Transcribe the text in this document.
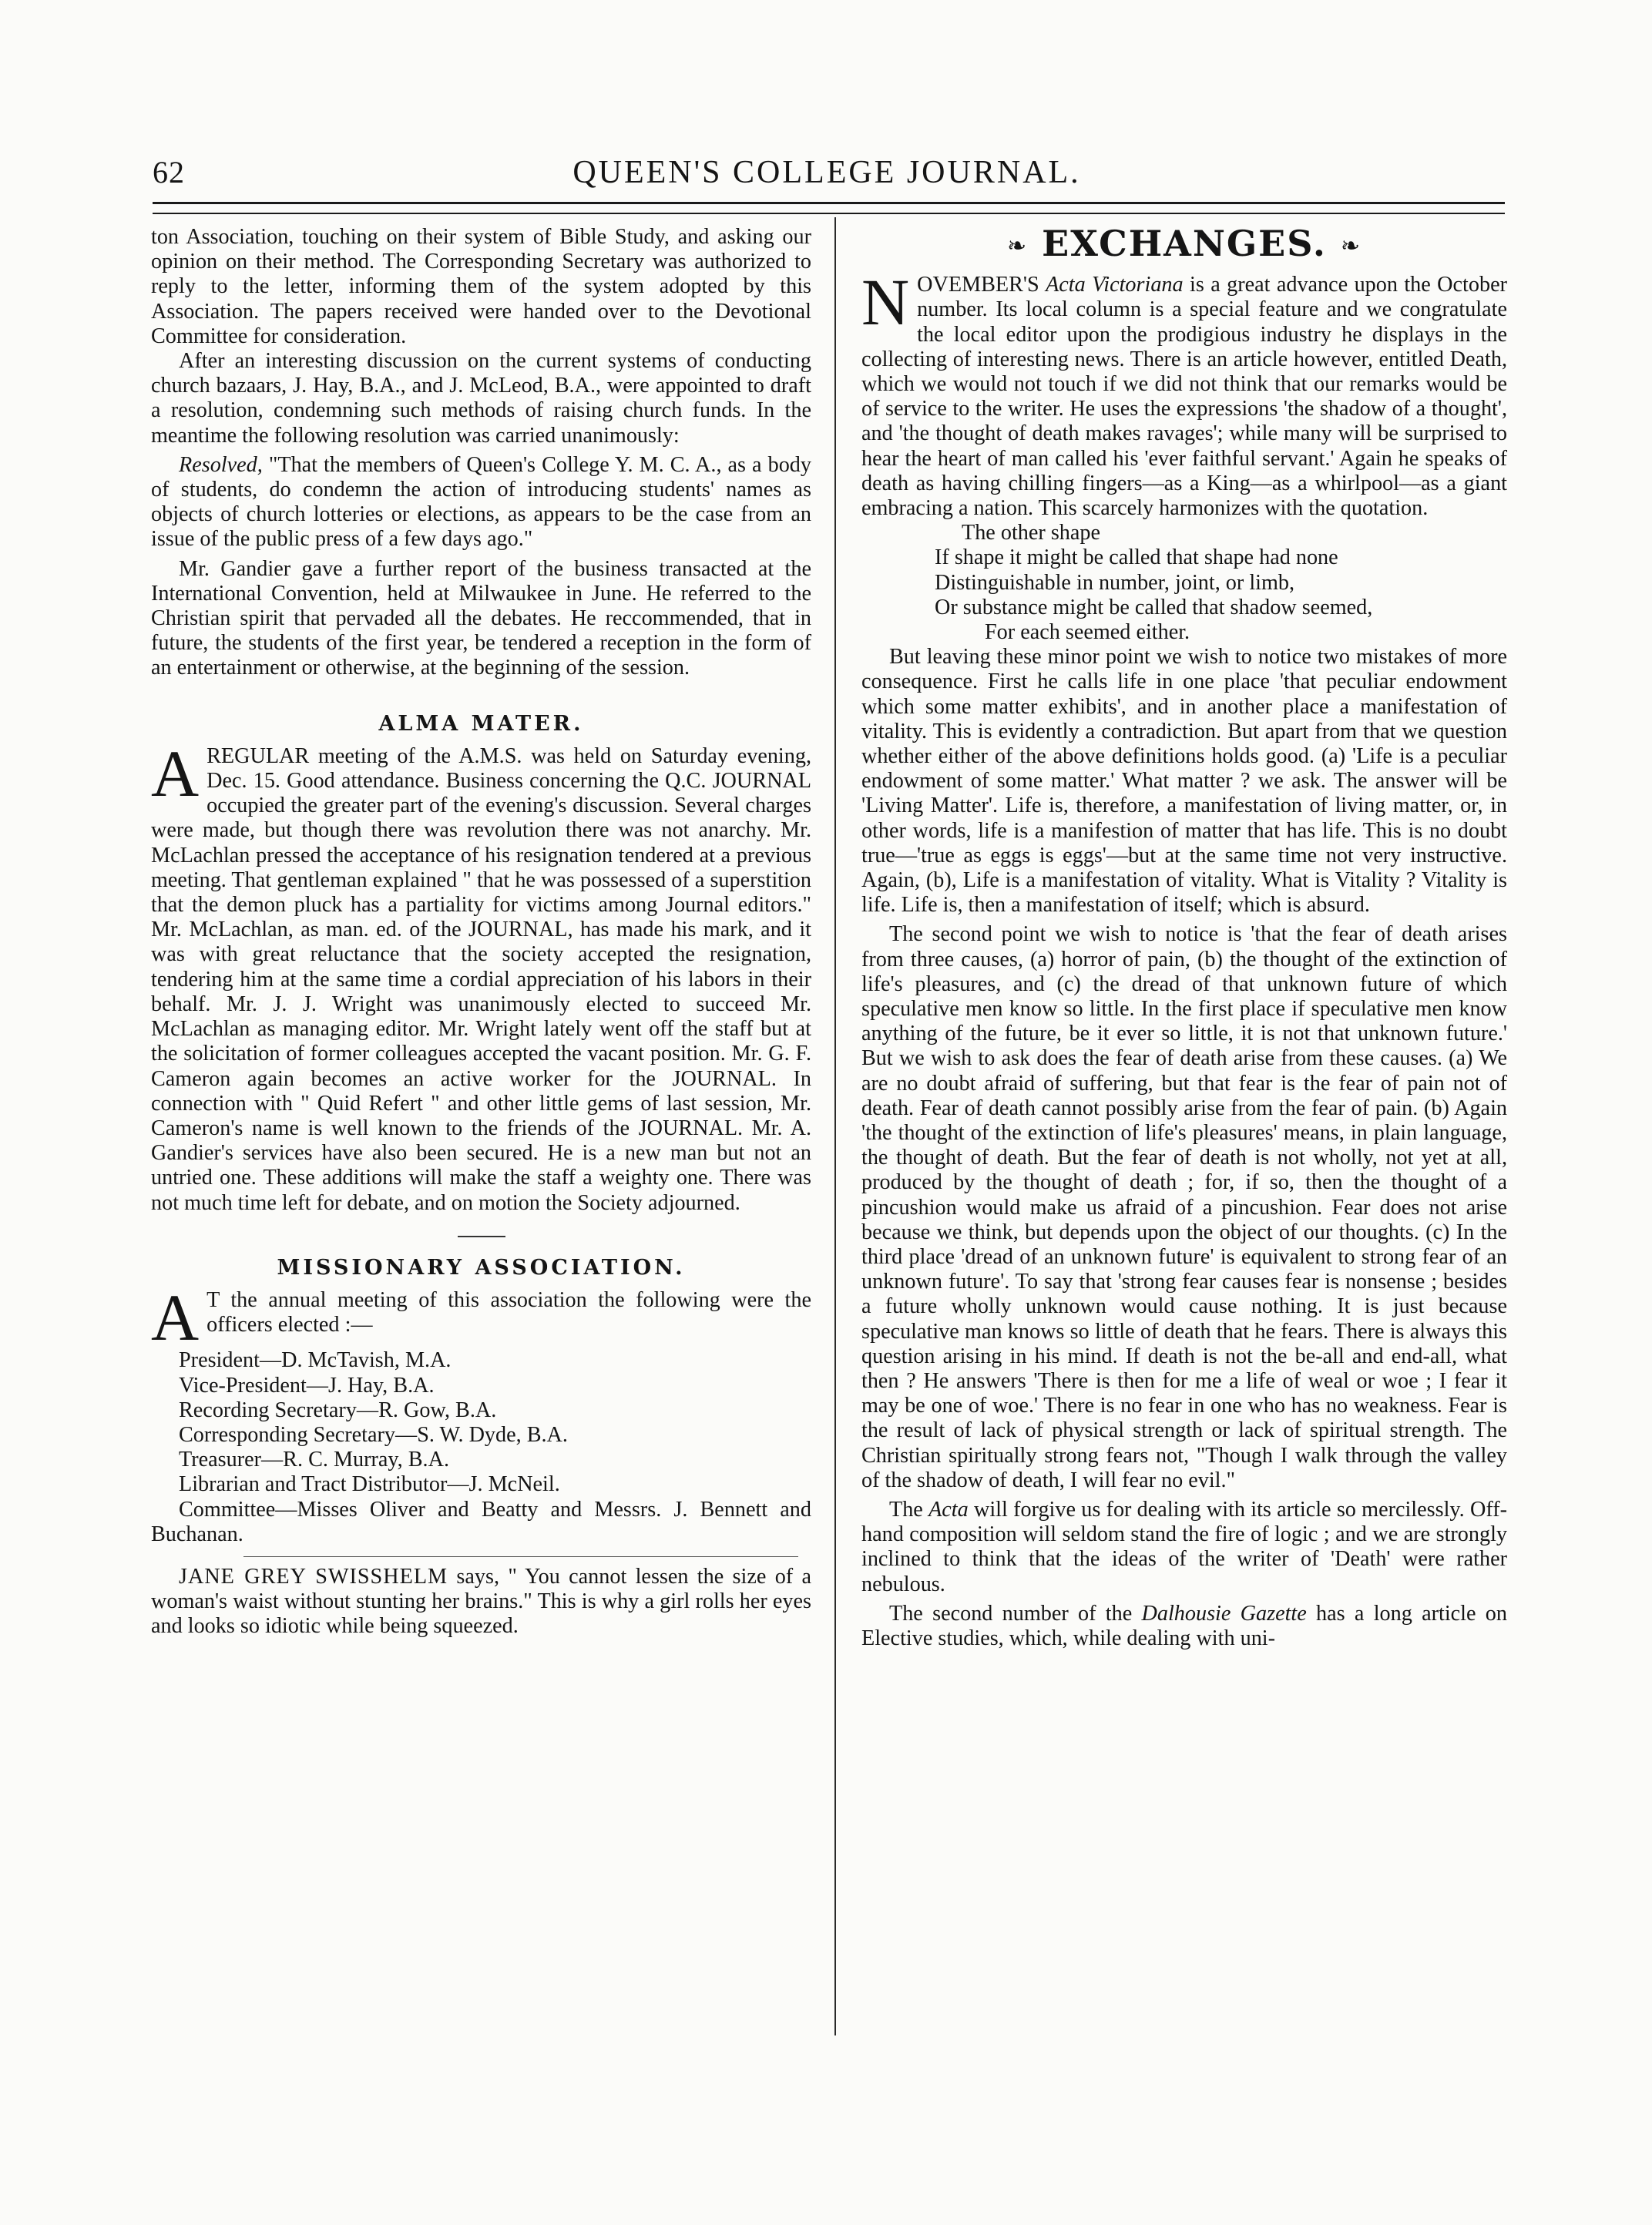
62	QUEEN'S COLLEGE JOURNAL.

ton Association, touching on their system of Bible Study, and asking our opinion on their method. The Corresponding Secretary was authorized to reply to the letter, informing them of the system adopted by this Association. The papers received were handed over to the Devotional Committee for consideration.

After an interesting discussion on the current systems of conducting church bazaars, J. Hay, B.A., and J. McLeod, B.A., were appointed to draft a resolution, condemning such methods of raising church funds. In the meantime the following resolution was carried unanimously:

Resolved, "That the members of Queen's College Y. M. C. A., as a body of students, do condemn the action of introducing students' names as objects of church lotteries or elections, as appears to be the case from an issue of the public press of a few days ago."

Mr. Gandier gave a further report of the business transacted at the International Convention, held at Milwaukee in June. He referred to the Christian spirit that pervaded all the debates. He reccommended, that in future, the students of the first year, be tendered a reception in the form of an entertainment or otherwise, at the beginning of the session.

ALMA MATER.

AREGULAR meeting of the A.M.S. was held on Saturday evening, Dec. 15. Good attendance. Business concerning the Q.C. JOURNAL occupied the greater part of the evening's discussion. Several charges were made, but though there was revolution there was not anarchy. Mr. McLachlan pressed the acceptance of his resignation tendered at a previous meeting. That gentleman explained " that he was possessed of a superstition that the demon pluck has a partiality for victims among Journal editors." Mr. McLachlan, as man. ed. of the JOURNAL, has made his mark, and it was with great reluctance that the society accepted the resignation, tendering him at the same time a cordial appreciation of his labors in their behalf. Mr. J. J. Wright was unanimously elected to succeed Mr. McLachlan as managing editor. Mr. Wright lately went off the staff but at the solicitation of former colleagues accepted the vacant position. Mr. G. F. Cameron again becomes an active worker for the JOURNAL. In connection with " Quid Refert " and other little gems of last session, Mr. Cameron's name is well known to the friends of the JOURNAL. Mr. A. Gandier's services have also been secured. He is a new man but not an untried one. These additions will make the staff a weighty one. There was not much time left for debate, and on motion the Society adjourned.

MISSIONARY ASSOCIATION.

A T the annual meeting of this association the following were the officers elected :—

President—D. McTavish, M.A.

Vice-President—J. Hay, B.A.

Recording Secretary—R. Gow, B.A.

Corresponding Secretary—S. W. Dyde, B.A.

Treasurer—R. C. Murray, B.A.

Librarian and Tract Distributor—J. McNeil.

Committee—Misses Oliver and Beatty and Messrs. J. Bennett and Buchanan.

JANE GREY SWISSHELM says, " You cannot lessen the size of a woman's waist without stunting her brains." This is why a girl rolls her eyes and looks so idiotic while being squeezed.

❧ EXCHANGES. ❧

NOVEMBER'S Acta Victoriana is a great advance upon the October number. Its local column is a special feature and we congratulate the local editor upon the prodigious industry he displays in the collecting of interesting news. There is an article however, entitled Death, which we would not touch if we did not think that our remarks would be of service to the writer. He uses the expressions 'the shadow of a thought', and 'the thought of death makes ravages'; while many will be surprised to hear the heart of man called his 'ever faithful servant.' Again he speaks of death as having chilling fingers—as a King—as a whirlpool—as a giant embracing a nation. This scarcely harmonizes with the quotation.

The other shape

If shape it might be called that shape had none

Distinguishable in number, joint, or limb,

Or substance might be called that shadow seemed,

For each seemed either.

But leaving these minor point we wish to notice two mistakes of more consequence. First he calls life in one place 'that peculiar endowment which some matter exhibits', and in another place a manifestation of vitality. This is evidently a contradiction. But apart from that we question whether either of the above definitions holds good. (a) 'Life is a peculiar endowment of some matter.' What matter ? we ask. The answer will be 'Living Matter'. Life is, therefore, a manifestation of living matter, or, in other words, life is a manifestion of matter that has life. This is no doubt true—'true as eggs is eggs'—but at the same time not very instructive. Again, (b), Life is a manifestation of vitality. What is Vitality ? Vitality is life. Life is, then a manifestation of itself; which is absurd.

The second point we wish to notice is 'that the fear of death arises from three causes, (a) horror of pain, (b) the thought of the extinction of life's pleasures, and (c) the dread of that unknown future of which speculative men know so little. In the first place if speculative men know anything of the future, be it ever so little, it is not that unknown future.' But we wish to ask does the fear of death arise from these causes. (a) We are no doubt afraid of suffering, but that fear is the fear of pain not of death. Fear of death cannot possibly arise from the fear of pain. (b) Again 'the thought of the extinction of life's pleasures' means, in plain language, the thought of death. But the fear of death is not wholly, not yet at all, produced by the thought of death ; for, if so, then the thought of a pincushion would make us afraid of a pincushion. Fear does not arise because we think, but depends upon the object of our thoughts. (c) In the third place 'dread of an unknown future' is equivalent to strong fear of an unknown future'. To say that 'strong fear causes fear is nonsense ; besides a future wholly unknown would cause nothing. It is just because speculative man knows so little of death that he fears. There is always this question arising in his mind. If death is not the be-all and end-all, what then ? He answers 'There is then for me a life of weal or woe ; I fear it may be one of woe.' There is no fear in one who has no weakness. Fear is the result of lack of physical strength or lack of spiritual strength. The Christian spiritually strong fears not, "Though I walk through the valley of the shadow of death, I will fear no evil."

The Acta will forgive us for dealing with its article so mercilessly. Off-hand composition will seldom stand the fire of logic ; and we are strongly inclined to think that the ideas of the writer of 'Death' were rather nebulous.

The second number of the Dalhousie Gazette has a long article on Elective studies, which, while dealing with uni-
